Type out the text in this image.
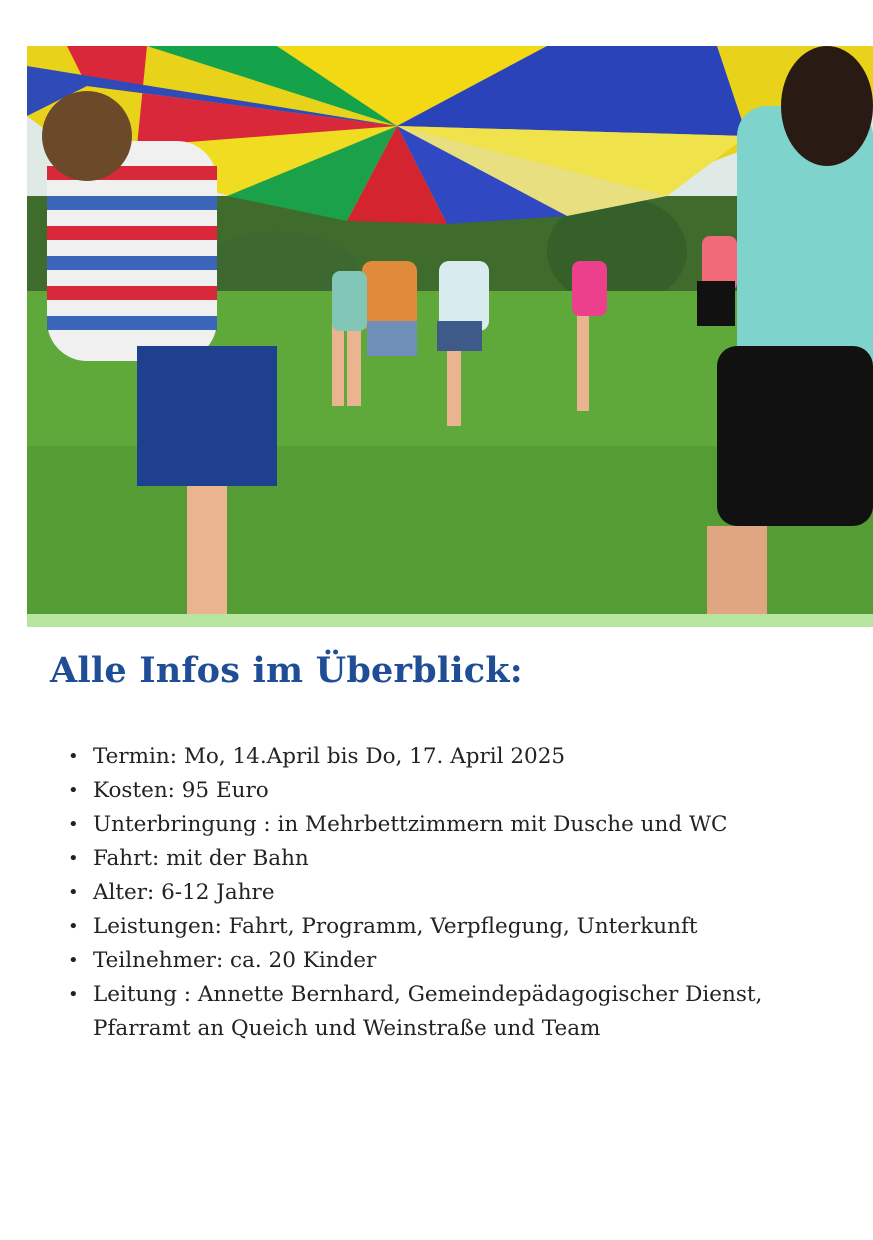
Alle Infos im Überblick:
• Termin: Mo, 14.April bis Do, 17. April 2025
• Kosten: 95 Euro
• Unterbringung : in Mehrbettzimmern mit Dusche und WC
• Fahrt: mit der Bahn
• Alter: 6-12 Jahre
• Leistungen: Fahrt, Programm, Verpflegung, Unterkunft
• Teilnehmer: ca. 20 Kinder
• Leitung : Annette Bernhard, Gemeindepädagogischer Dienst, Pfarramt an Queich und Weinstraße und Team
